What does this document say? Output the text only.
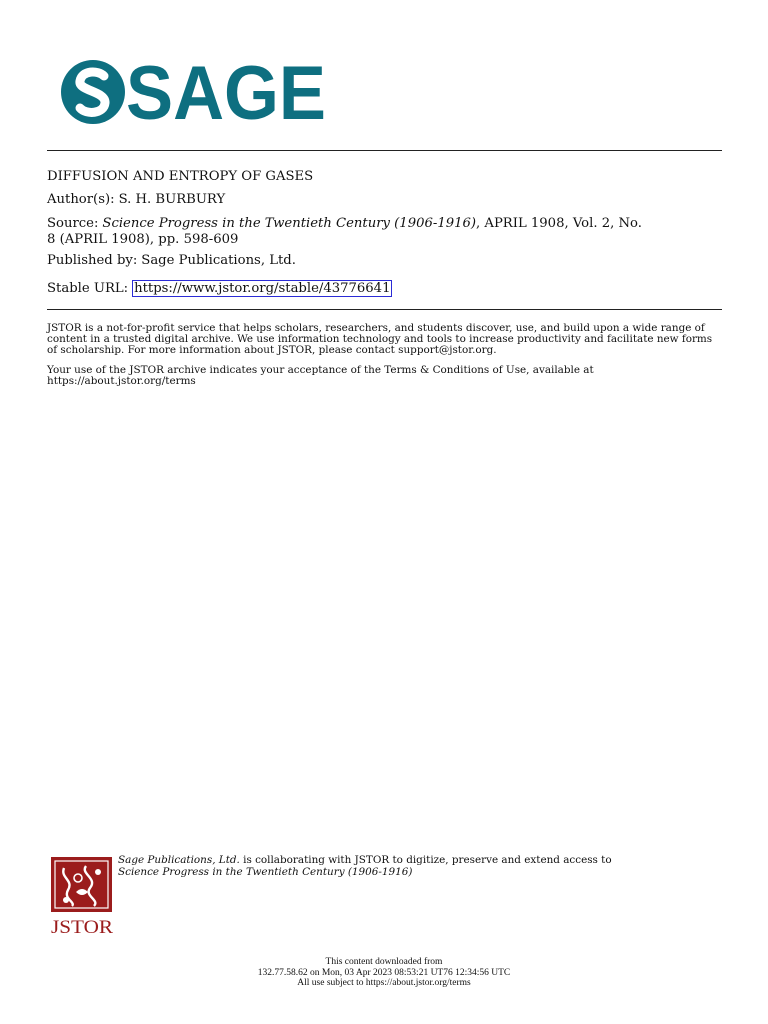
SAGE
DIFFUSION AND ENTROPY OF GASES
Author(s): S. H. BURBURY
Source: Science Progress in the Twentieth Century (1906-1916), APRIL 1908, Vol. 2, No.
8 (APRIL 1908), pp. 598-609
Published by: Sage Publications, Ltd.
Stable URL: https://www.jstor.org/stable/43776641
JSTOR is a not-for-profit service that helps scholars, researchers, and students discover, use, and build upon a wide range of content in a trusted digital archive. We use information technology and tools to increase productivity and facilitate new forms of scholarship. For more information about JSTOR, please contact support@jstor.org.
Your use of the JSTOR archive indicates your acceptance of the Terms & Conditions of Use, available at
https://about.jstor.org/terms
JSTOR
Sage Publications, Ltd. is collaborating with JSTOR to digitize, preserve and extend access to
Science Progress in the Twentieth Century (1906-1916)
This content downloaded from
132.77.58.62 on Mon, 03 Apr 2023 08:53:21 UT76 12:34:56 UTC
All use subject to https://about.jstor.org/terms
